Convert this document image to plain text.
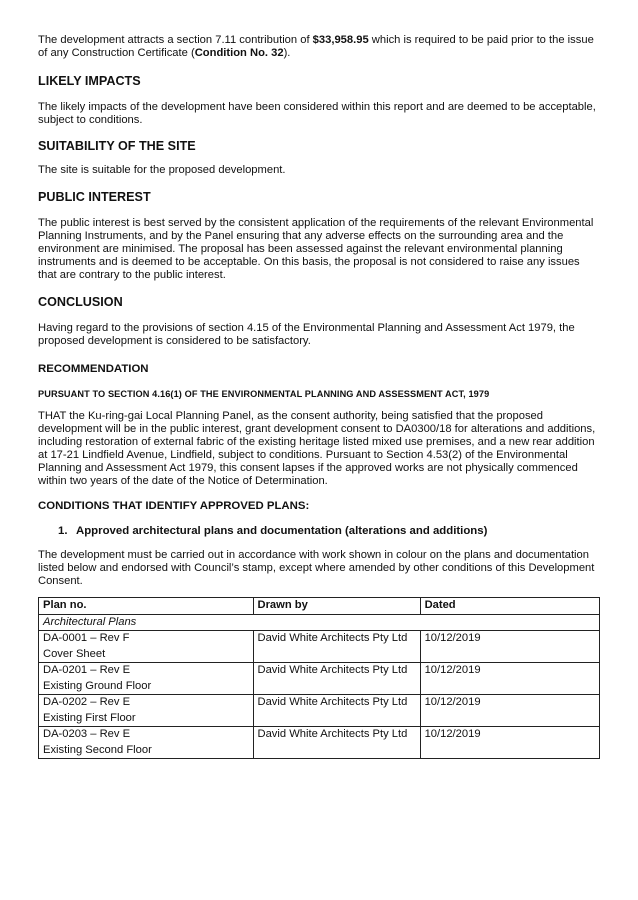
The development attracts a section 7.11 contribution of $33,958.95 which is required to be paid prior to the issue of any Construction Certificate (Condition No. 32).

LIKELY IMPACTS

The likely impacts of the development have been considered within this report and are deemed to be acceptable, subject to conditions.

SUITABILITY OF THE SITE

The site is suitable for the proposed development.

PUBLIC INTEREST

The public interest is best served by the consistent application of the requirements of the relevant Environmental Planning Instruments, and by the Panel ensuring that any adverse effects on the surrounding area and the environment are minimised. The proposal has been assessed against the relevant environmental planning instruments and is deemed to be acceptable. On this basis, the proposal is not considered to raise any issues that are contrary to the public interest.

CONCLUSION

Having regard to the provisions of section 4.15 of the Environmental Planning and Assessment Act 1979, the proposed development is considered to be satisfactory.

RECOMMENDATION
PURSUANT TO SECTION 4.16(1) OF THE ENVIRONMENTAL PLANNING AND ASSESSMENT ACT, 1979

THAT the Ku-ring-gai Local Planning Panel, as the consent authority, being satisfied that the proposed development will be in the public interest, grant development consent to DA0300/18 for alterations and additions, including restoration of external fabric of the existing heritage listed mixed use premises, and a new rear addition at 17-21 Lindfield Avenue, Lindfield, subject to conditions. Pursuant to Section 4.53(2) of the Environmental Planning and Assessment Act 1979, this consent lapses if the approved works are not physically commenced within two years of the date of the Notice of Determination.

CONDITIONS THAT IDENTIFY APPROVED PLANS:
1. Approved architectural plans and documentation (alterations and additions)

The development must be carried out in accordance with work shown in colour on the plans and documentation listed below and endorsed with Council’s stamp, except where amended by other conditions of this Development Consent.

Plan no.	Drawn by	Dated
Architectural Plans		

DA-0001 – Rev F
Cover Sheet	David White Architects Pty Ltd	10/12/2019

DA-0201 – Rev E
Existing Ground Floor	David White Architects Pty Ltd	10/12/2019

DA-0202 – Rev E
Existing First Floor	David White Architects Pty Ltd	10/12/2019

DA-0203 – Rev E
Existing Second Floor	David White Architects Pty Ltd	10/12/2019
